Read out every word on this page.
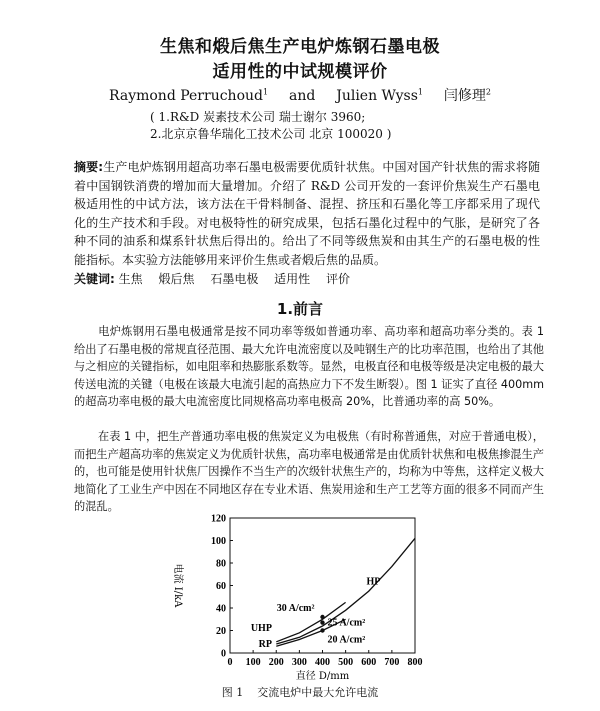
生焦和煅后焦生产电炉炼钢石墨电极
适用性的中试规模评价
Raymond Perruchoud$^1$ and Julien Wyss$^1$ 闫修理$^2$
( 1.R&D 炭素技术公司 瑞士谢尔 3960;
2.北京京鲁华瑞化工技术公司 北京 100020 )
摘要:生产电炉炼钢用超高功率石墨电极需要优质针状焦。中国对国产针状焦的需求将随着中国钢铁消费的增加而大量增加。介绍了 R&D 公司开发的一套评价焦炭生产石墨电极适用性的中试方法，该方法在干骨料制备、混捏、挤压和石墨化等工序都采用了现代化的生产技术和手段。对电极特性的研究成果，包括石墨化过程中的气胀，是研究了各种不同的油系和煤系针状焦后得出的。给出了不同等级焦炭和由其生产的石墨电极的性能指标。本实验方法能够用来评价生焦或者煅后焦的品质。
关键词: 生焦 煅后焦 石墨电极 适用性 评价
1.前言
电炉炼钢用石墨电极通常是按不同功率等级如普通功率、高功率和超高功率分类的。表 1 给出了石墨电极的常规直径范围、最大允许电流密度以及吨钢生产的比功率范围，也给出了其他与之相应的关键指标，如电阻率和热膨胀系数等。显然，电极直径和电极等级是决定电极的最大传送电流的关键（电极在该最大电流引起的高热应力下不发生断裂）。图 1 证实了直径 400mm 的超高功率电极的最大电流密度比同规格高功率电极高 20%，比普通功率的高 50%。
在表 1 中，把生产普通功率电极的焦炭定义为电极焦（有时称普通焦，对应于普通电极），而把生产超高功率的焦炭定义为优质针状焦，高功率电极通常是由优质针状焦和电极焦掺混生产的，也可能是使用针状焦厂因操作不当生产的次级针状焦生产的，均称为中等焦，这样定义极大地简化了工业生产中因在不同地区存在专业术语、焦炭用途和生产工艺等方面的很多不同而产生的混乱。
0 100 200 300 400 500 600 700 800
0
20
40
60
80
100
120
30 A/cm²
25 A/cm²
20 A/cm²
HP
UHP
RP
直径 D/mm
电流 I/kA
图 1 交流电炉中最大允许电流
